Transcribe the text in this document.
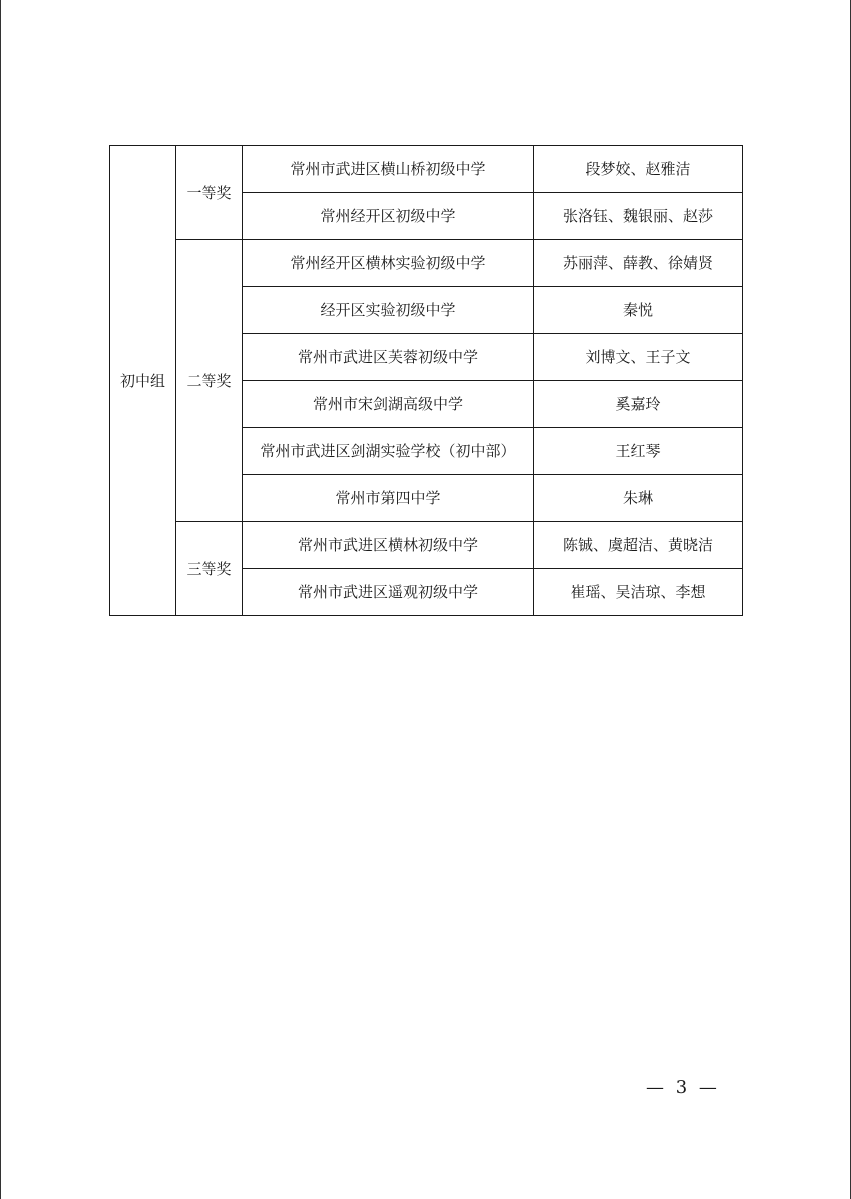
初中组	一等奖	常州市武进区横山桥初级中学	段梦姣、赵雅洁
		常州经开区初级中学	张洛钰、魏银丽、赵莎
	二等奖	常州经开区横林实验初级中学	苏丽萍、薛教、徐婧贤
		经开区实验初级中学	秦悦
		常州市武进区芙蓉初级中学	刘博文、王子文
		常州市宋剑湖高级中学	奚嘉玲
		常州市武进区剑湖实验学校（初中部）	王红琴
		常州市第四中学	朱琳
	三等奖	常州市武进区横林初级中学	陈铖、虞超洁、黄晓洁
		常州市武进区遥观初级中学	崔瑶、吴洁琼、李想
— 3 —
